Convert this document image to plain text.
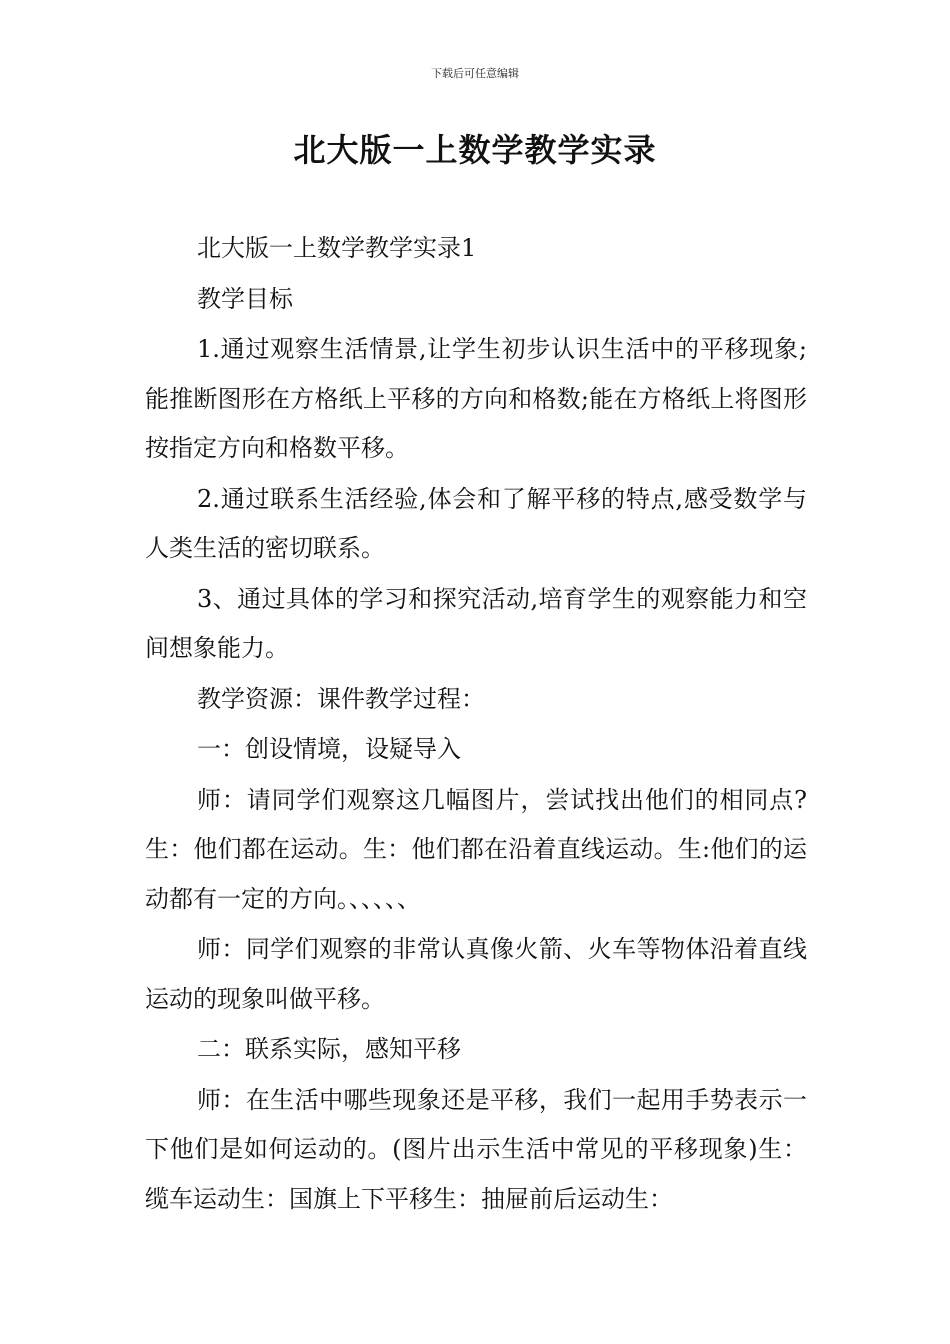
下载后可任意编辑
北大版一上数学教学实录

北大版一上数学教学实录1

教学目标

1.通过观察生活情景,让学生初步认识生活中的平移现象;能推断图形在方格纸上平移的方向和格数;能在方格纸上将图形按指定方向和格数平移。

2.通过联系生活经验,体会和了解平移的特点,感受数学与人类生活的密切联系。

3、通过具体的学习和探究活动,培育学生的观察能力和空间想象能力。

教学资源：课件教学过程：

一：创设情境，设疑导入

师：请同学们观察这几幅图片，尝试找出他们的相同点?生：他们都在运动。生：他们都在沿着直线运动。生:他们的运动都有一定的方向。、、、、、

师：同学们观察的非常认真像火箭、火车等物体沿着直线运动的现象叫做平移。

二：联系实际，感知平移

师：在生活中哪些现象还是平移，我们一起用手势表示一下他们是如何运动的。(图片出示生活中常见的平移现象)生：缆车运动生：国旗上下平移生：抽屉前后运动生：
